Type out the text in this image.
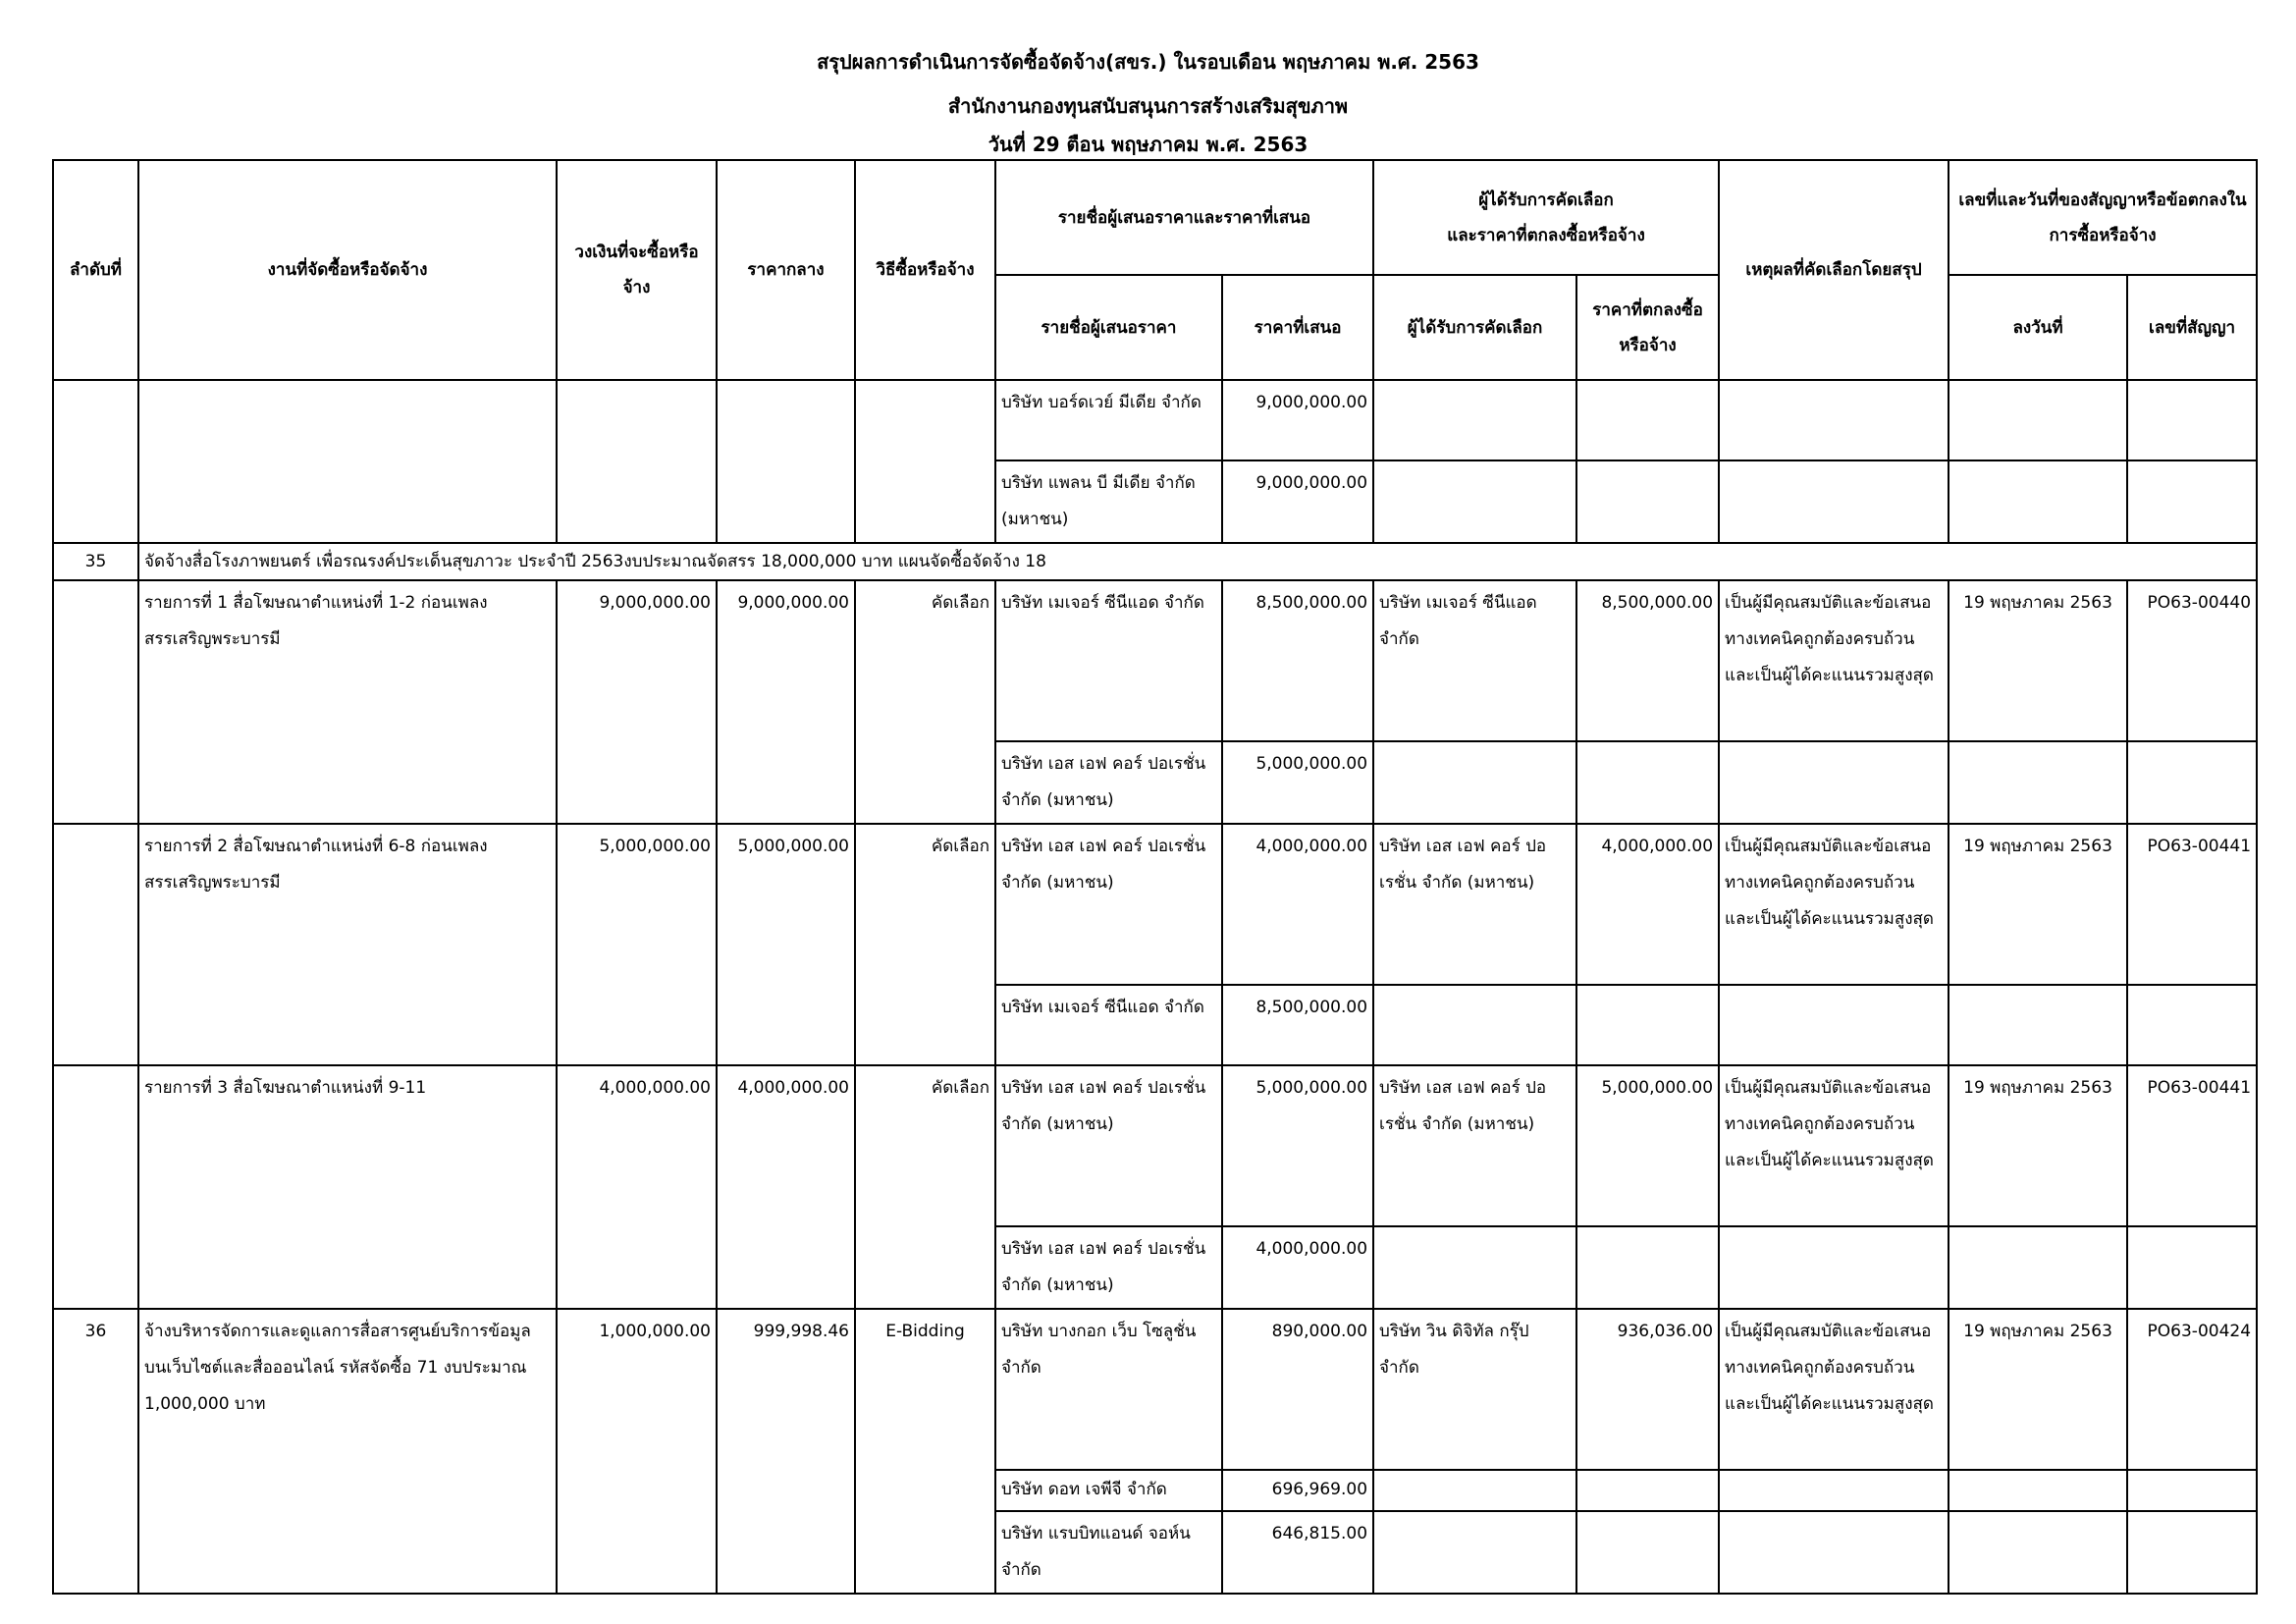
สรุปผลการดำเนินการจัดซื้อจัดจ้าง(สขร.) ในรอบเดือน พฤษภาคม พ.ศ. 2563
สำนักงานกองทุนสนับสนุนการสร้างเสริมสุขภาพ
วันที่ 29 ตือน พฤษภาคม พ.ศ. 2563
ลำดับที่	งานที่จัดซื้อหรือจัดจ้าง	วงเงินที่จะซื้อหรือจ้าง	ราคากลาง	วิธีซื้อหรือจ้าง	รายชื่อผู้เสนอราคาและราคาที่เสนอ		ผู้ได้รับการคัดเลือก
และราคาที่ตกลงซื้อหรือจ้าง		เหตุผลที่คัดเลือกโดยสรุป	เลขที่และวันที่ของสัญญาหรือข้อตกลงในการซื้อหรือจ้าง	
					รายชื่อผู้เสนอราคา	ราคาที่เสนอ	ผู้ได้รับการคัดเลือก	ราคาที่ตกลงซื้อหรือจ้าง		ลงวันที่	เลขที่สัญญา
					บริษัท บอร์ดเวย์ มีเดีย จำกัด	9,000,000.00					
					บริษัท แพลน บี มีเดีย จำกัด (มหาชน)	9,000,000.00					
35	จัดจ้างสื่อโรงภาพยนตร์ เพื่อรณรงค์ประเด็นสุขภาวะ ประจำปี 2563งบประมาณจัดสรร 18,000,000 บาท แผนจัดซื้อจัดจ้าง 18										
	รายการที่ 1 สื่อโฆษณาตำแหน่งที่ 1-2 ก่อนเพลงสรรเสริญพระบารมี	9,000,000.00	9,000,000.00	คัดเลือก	บริษัท เมเจอร์ ซีนีแอด จำกัด	8,500,000.00	บริษัท เมเจอร์ ซีนีแอด จำกัด	8,500,000.00	เป็นผู้มีคุณสมบัติและข้อเสนอทางเทคนิคถูกต้องครบถ้วนและเป็นผู้ได้คะแนนรวมสูงสุด	19 พฤษภาคม 2563	PO63-00440
					บริษัท เอส เอฟ คอร์ ปอเรชั่น จำกัด (มหาชน)	5,000,000.00					
	รายการที่ 2 สื่อโฆษณาตำแหน่งที่ 6-8 ก่อนเพลงสรรเสริญพระบารมี	5,000,000.00	5,000,000.00	คัดเลือก	บริษัท เอส เอฟ คอร์ ปอเรชั่น จำกัด (มหาชน)	4,000,000.00	บริษัท เอส เอฟ คอร์ ปอเรชั่น จำกัด (มหาชน)	4,000,000.00	เป็นผู้มีคุณสมบัติและข้อเสนอทางเทคนิคถูกต้องครบถ้วนและเป็นผู้ได้คะแนนรวมสูงสุด	19 พฤษภาคม 2563	PO63-00441
					บริษัท เมเจอร์ ซีนีแอด จำกัด	8,500,000.00					
	รายการที่ 3 สื่อโฆษณาตำแหน่งที่ 9-11	4,000,000.00	4,000,000.00	คัดเลือก	บริษัท เอส เอฟ คอร์ ปอเรชั่น จำกัด (มหาชน)	5,000,000.00	บริษัท เอส เอฟ คอร์ ปอเรชั่น จำกัด (มหาชน)	5,000,000.00	เป็นผู้มีคุณสมบัติและข้อเสนอทางเทคนิคถูกต้องครบถ้วนและเป็นผู้ได้คะแนนรวมสูงสุด	19 พฤษภาคม 2563	PO63-00441
					บริษัท เอส เอฟ คอร์ ปอเรชั่น จำกัด (มหาชน)	4,000,000.00					
36	จ้างบริหารจัดการและดูแลการสื่อสารศูนย์บริการข้อมูลบนเว็บไซต์และสื่อออนไลน์ รหัสจัดซื้อ 71 งบประมาณ 1,000,000 บาท	1,000,000.00	999,998.46	E-Bidding	บริษัท บางกอก เว็บ โซลูชั่น จำกัด	890,000.00	บริษัท วิน ดิจิทัล กรุ๊ป จำกัด	936,036.00	เป็นผู้มีคุณสมบัติและข้อเสนอทางเทคนิคถูกต้องครบถ้วนและเป็นผู้ได้คะแนนรวมสูงสุด	19 พฤษภาคม 2563	PO63-00424
					บริษัท ดอท เจพีจี จำกัด	696,969.00					
					บริษัท แรบบิทแอนด์ จอห์น จำกัด	646,815.00					
